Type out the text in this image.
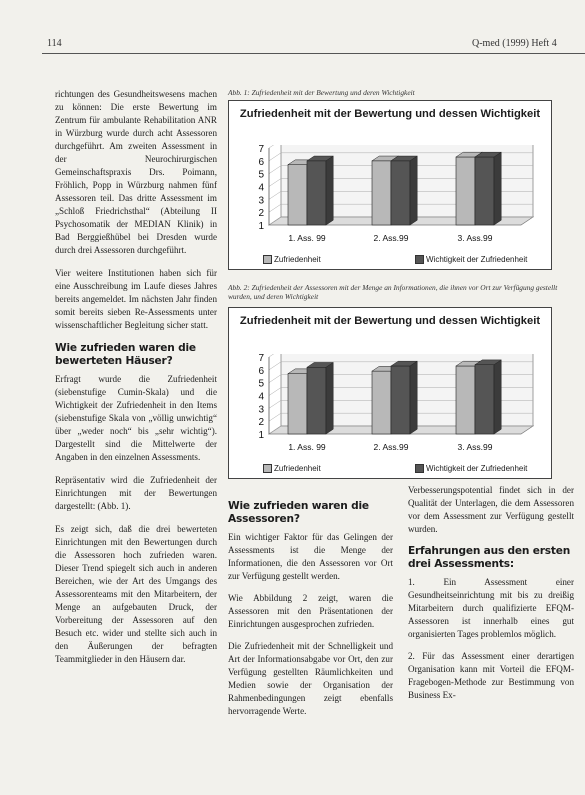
114	Q-med (1999) Heft 4

richtungen des Gesundheitswesens machen zu können: Die erste Bewertung im Zentrum für ambulante Rehabilitation ANR in Würzburg wurde durch acht Assessoren durchgeführt. Am zweiten Assessment in der Neurochirurgischen Gemeinschaftspraxis Drs. Poimann, Fröhlich, Popp in Würzburg nahmen fünf Assessoren teil. Das dritte Assessment im „Schloß Friedrichsthal“ (Abteilung II Psychosomatik der MEDIAN Klinik) in Bad Berggießhübel bei Dresden wurde durch drei Assessoren durchgeführt.

Vier weitere Institutionen haben sich für eine Ausschreibung im Laufe dieses Jahres bereits angemeldet. Im nächsten Jahr finden somit bereits sieben Re-Assessments unter wissenschaftlicher Begleitung sicher statt.

Wie zufrieden waren die bewerteten Häuser?

Erfragt wurde die Zufriedenheit (siebenstufige Cumin-Skala) und die Wichtigkeit der Zufriedenheit in den Items (siebenstufige Skala von „völlig unwichtig“ über „weder noch“ bis „sehr wichtig“). Dargestellt sind die Mittelwerte der Angaben in den einzelnen Assessments.

Repräsentativ wird die Zufriedenheit der Einrichtungen mit der Bewertungen dargestellt: (Abb. 1).

Es zeigt sich, daß die drei bewerteten Einrichtungen mit den Bewertungen durch die Assessoren hoch zufrieden waren. Dieser Trend spiegelt sich auch in anderen Bereichen, wie der Art des Umgangs des Assessorenteams mit den Mitarbeitern, der Menge an aufgebauten Druck, der Vorbereitung der Assessoren auf den Besuch etc. wider und stellte sich auch in den Äußerungen der befragten Teammitglieder in den Häusern dar.

Abb. 1: Zufriedenheit mit der Bewertung und deren Wichtigkeit
Zufriedenheit mit der Bewertung und dessen Wichtigkeit
1
2
3
4
5
6
7
1. Ass. 99	2. Ass.99	3. Ass.99
Zufriedenheit	Wichtigkeit der Zufriedenheit
Abb. 2: Zufriedenheit der Assessoren mit der Menge an Informationen, die ihnen vor Ort zur Verfügung gestellt wurden, und deren Wichtigkeit
Zufriedenheit mit der Bewertung und dessen Wichtigkeit
1
2
3
4
5
6
7
1. Ass. 99	2. Ass.99	3. Ass.99
Zufriedenheit	Wichtigkeit der Zufriedenheit
Wie zufrieden waren die Assessoren?

Ein wichtiger Faktor für das Gelingen der Assessments ist die Menge der Informationen, die den Assessoren vor Ort zur Verfügung gestellt werden.

Wie Abbildung 2 zeigt, waren die Assessoren mit den Präsentationen der Einrichtungen ausgesprochen zufrieden.

Die Zufriedenheit mit der Schnelligkeit und Art der Informationsabgabe vor Ort, den zur Verfügung gestellten Räumlichkeiten und Medien sowie der Organisation der Rahmenbedingungen zeigt ebenfalls hervorragende Werte.

Verbesserungspotential findet sich in der Qualität der Unterlagen, die dem Assessoren vor dem Assessment zur Verfügung gestellt wurden.

Erfahrungen aus den ersten drei Assessments:

1. Ein Assessment einer Gesundheitseinrichtung mit bis zu dreißig Mitarbeitern durch qualifizierte EFQM-Assessoren ist innerhalb eines gut organisierten Tages problemlos möglich.

2. Für das Assessment einer derartigen Organisation kann mit Vorteil die EFQM-Fragebogen-Methode zur Bestimmung von Business Ex-
